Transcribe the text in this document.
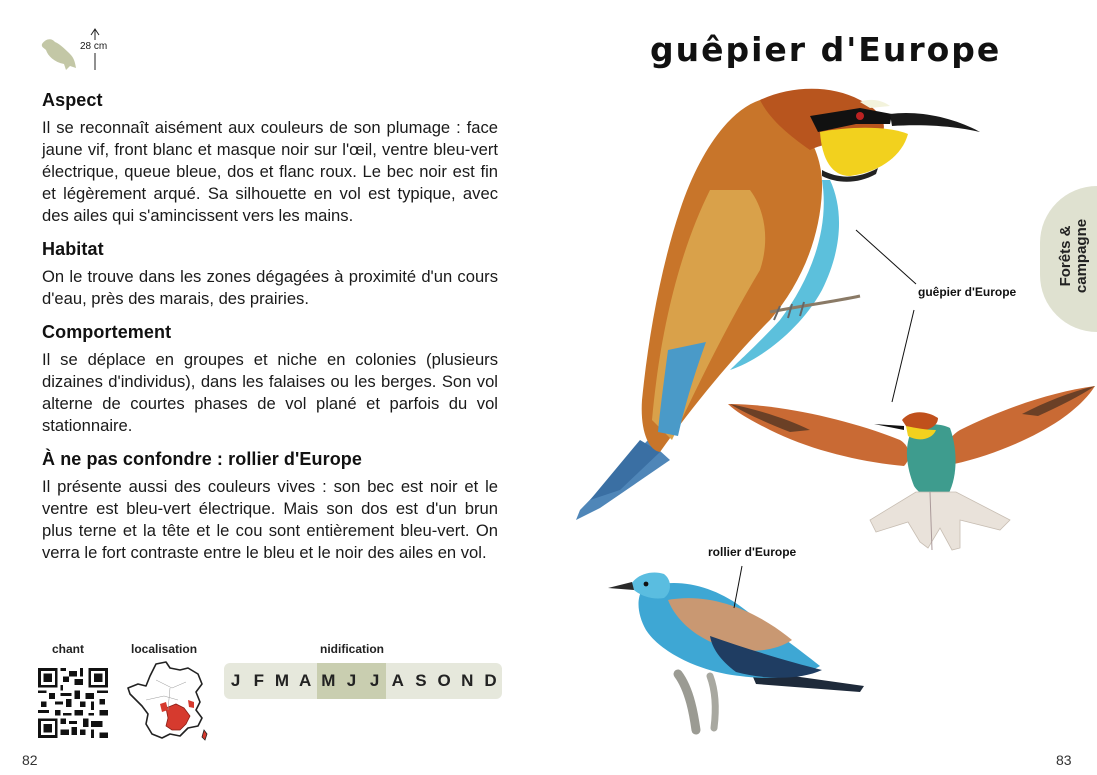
28 cm
Aspect

Il se reconnaît aisément aux couleurs de son plumage : face jaune vif, front blanc et masque noir sur l'œil, ventre bleu-vert électrique, queue bleue, dos et flanc roux. Le bec noir est fin et légèrement arqué. Sa silhouette en vol est typique, avec des ailes qui s'amincissent vers les mains.

Habitat

On le trouve dans les zones dégagées à proximité d'un cours d'eau, près des marais, des prairies.

Comportement

Il se déplace en groupes et niche en colonies (plusieurs dizaines d'individus), dans les falaises ou les berges. Son vol alterne de courtes phases de vol plané et parfois du vol stationnaire.

À ne pas confondre : rollier d'Europe

Il présente aussi des couleurs vives : son bec est noir et le ventre est bleu-vert électrique. Mais son dos est d'un brun plus terne et la tête et le cou sont entièrement bleu-vert. On verra le fort contraste entre le bleu et le noir des ailes en vol.

chant	localisation	nidification
J F M A M J J A S O N D
82	83
guêpier d'Europe
Forêts & campagne
guêpier d'Europe
rollier d'Europe
